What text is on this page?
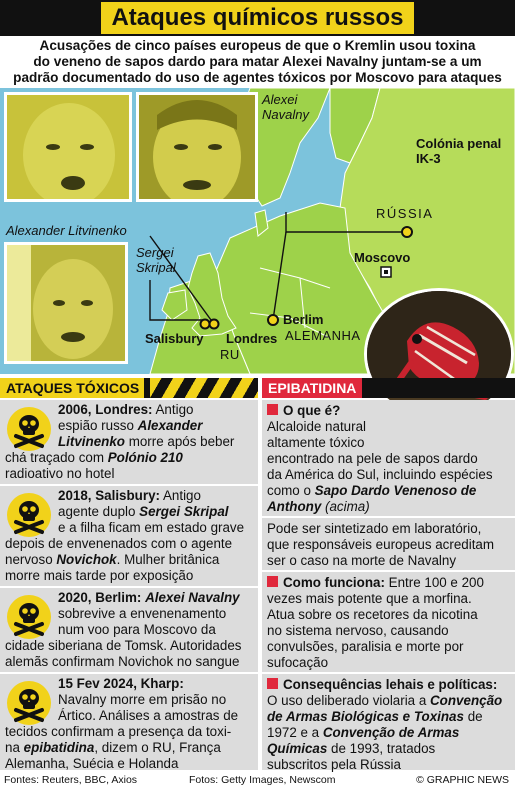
Ataques químicos russos
Acusações de cinco países europeus de que o Kremlin usou toxina
do veneno de sapos dardo para matar Alexei Navalny juntam-se a um
padrão documentado do uso de agentes tóxicos por Moscovo para ataques
Alexei
Navalny
Alexander Litvinenko
Sergei
Skripal
Colónia penal
IK-3
RÚSSIA
Moscovo
Berlim
ALEMANHA
Salisbury Londres
RU
ATAQUES TÓXICOS	EPIBATIDINA
2006, Londres: Antigo
espião russo Alexander
Litvinenko morre após beber
chá traçado com Polónio 210
radioativo no hotel
2018, Salisbury: Antigo
agente duplo Sergei Skripal
e a filha ficam em estado grave
depois de envenenados com o agente
nervoso Novichok. Mulher britânica
morre mais tarde por exposição
2020, Berlim: Alexei Navalny
sobrevive a envenenamento
num voo para Moscovo da
cidade siberiana de Tomsk. Autoridades
alemãs confirmam Novichok no sangue
15 Fev 2024, Kharp:
Navalny morre em prisão no
Ártico. Análises a amostras de
tecidos confirmam a presença da toxi-
na epibatidina, dizem o RU, França
Alemanha, Suécia e Holanda
O que é?
Alcaloide natural
altamente tóxico
encontrado na pele de sapos dardo
da América do Sul, incluindo espécies
como o Sapo Dardo Venenoso de
Anthony (acima)
Pode ser sintetizado em laboratório,
que responsáveis europeus acreditam
ser o caso na morte de Navalny
Como funciona: Entre 100 e 200
vezes mais potente que a morfina.
Atua sobre os recetores da nicotina
no sistema nervoso, causando
convulsões, paralisia e morte por
sufocação
Consequências lehais e políticas:
O uso deliberado violaria a Convenção
de Armas Biológicas e Toxinas de
1972 e a Convenção de Armas
Químicas de 1993, tratados
subscritos pela Rússia
Fontes: Reuters, BBC, Axios	Fotos: Getty Images, Newscom	© GRAPHIC NEWS
